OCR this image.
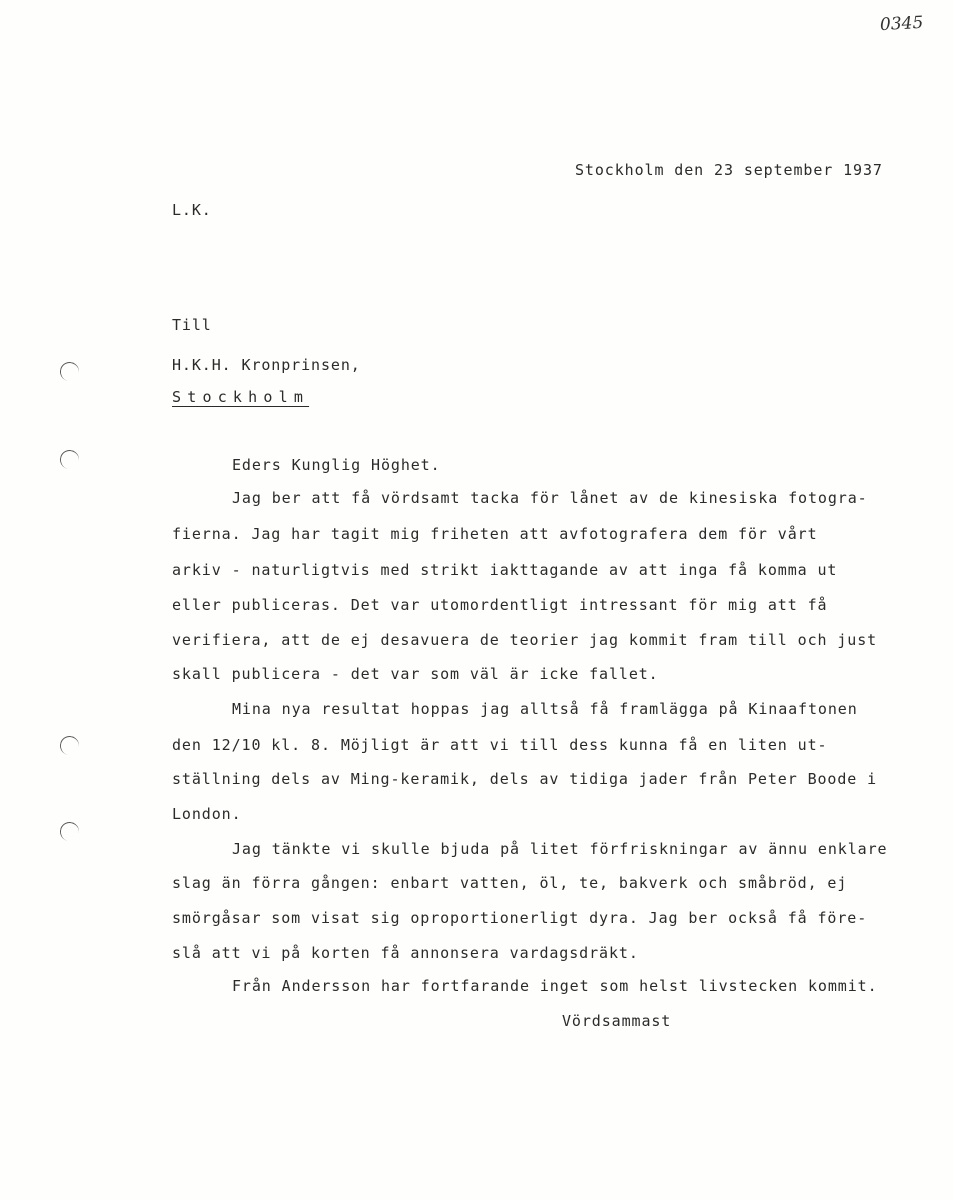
0345
Stockholm den 23 september 1937
L.K.
Till
H.K.H. Kronprinsen,
Stockholm
Eders Kunglig Höghet.
Jag ber att få vördsamt tacka för lånet av de kinesiska fotogra-
fierna. Jag har tagit mig friheten att avfotografera dem för vårt
arkiv - naturligtvis med strikt iakttagande av att inga få komma ut
eller publiceras. Det var utomordentligt intressant för mig att få
verifiera, att de ej desavuera de teorier jag kommit fram till och just
skall publicera - det var som väl är icke fallet.
Mina nya resultat hoppas jag alltså få framlägga på Kinaaftonen
den 12/10 kl. 8. Möjligt är att vi till dess kunna få en liten ut-
ställning dels av Ming-keramik, dels av tidiga jader från Peter Boode i
London.
Jag tänkte vi skulle bjuda på litet förfriskningar av ännu enklare
slag än förra gången: enbart vatten, öl, te, bakverk och småbröd, ej
smörgåsar som visat sig oproportionerligt dyra. Jag ber också få före-
slå att vi på korten få annonsera vardagsdräkt.
Från Andersson har fortfarande inget som helst livstecken kommit.
Vördsammast
